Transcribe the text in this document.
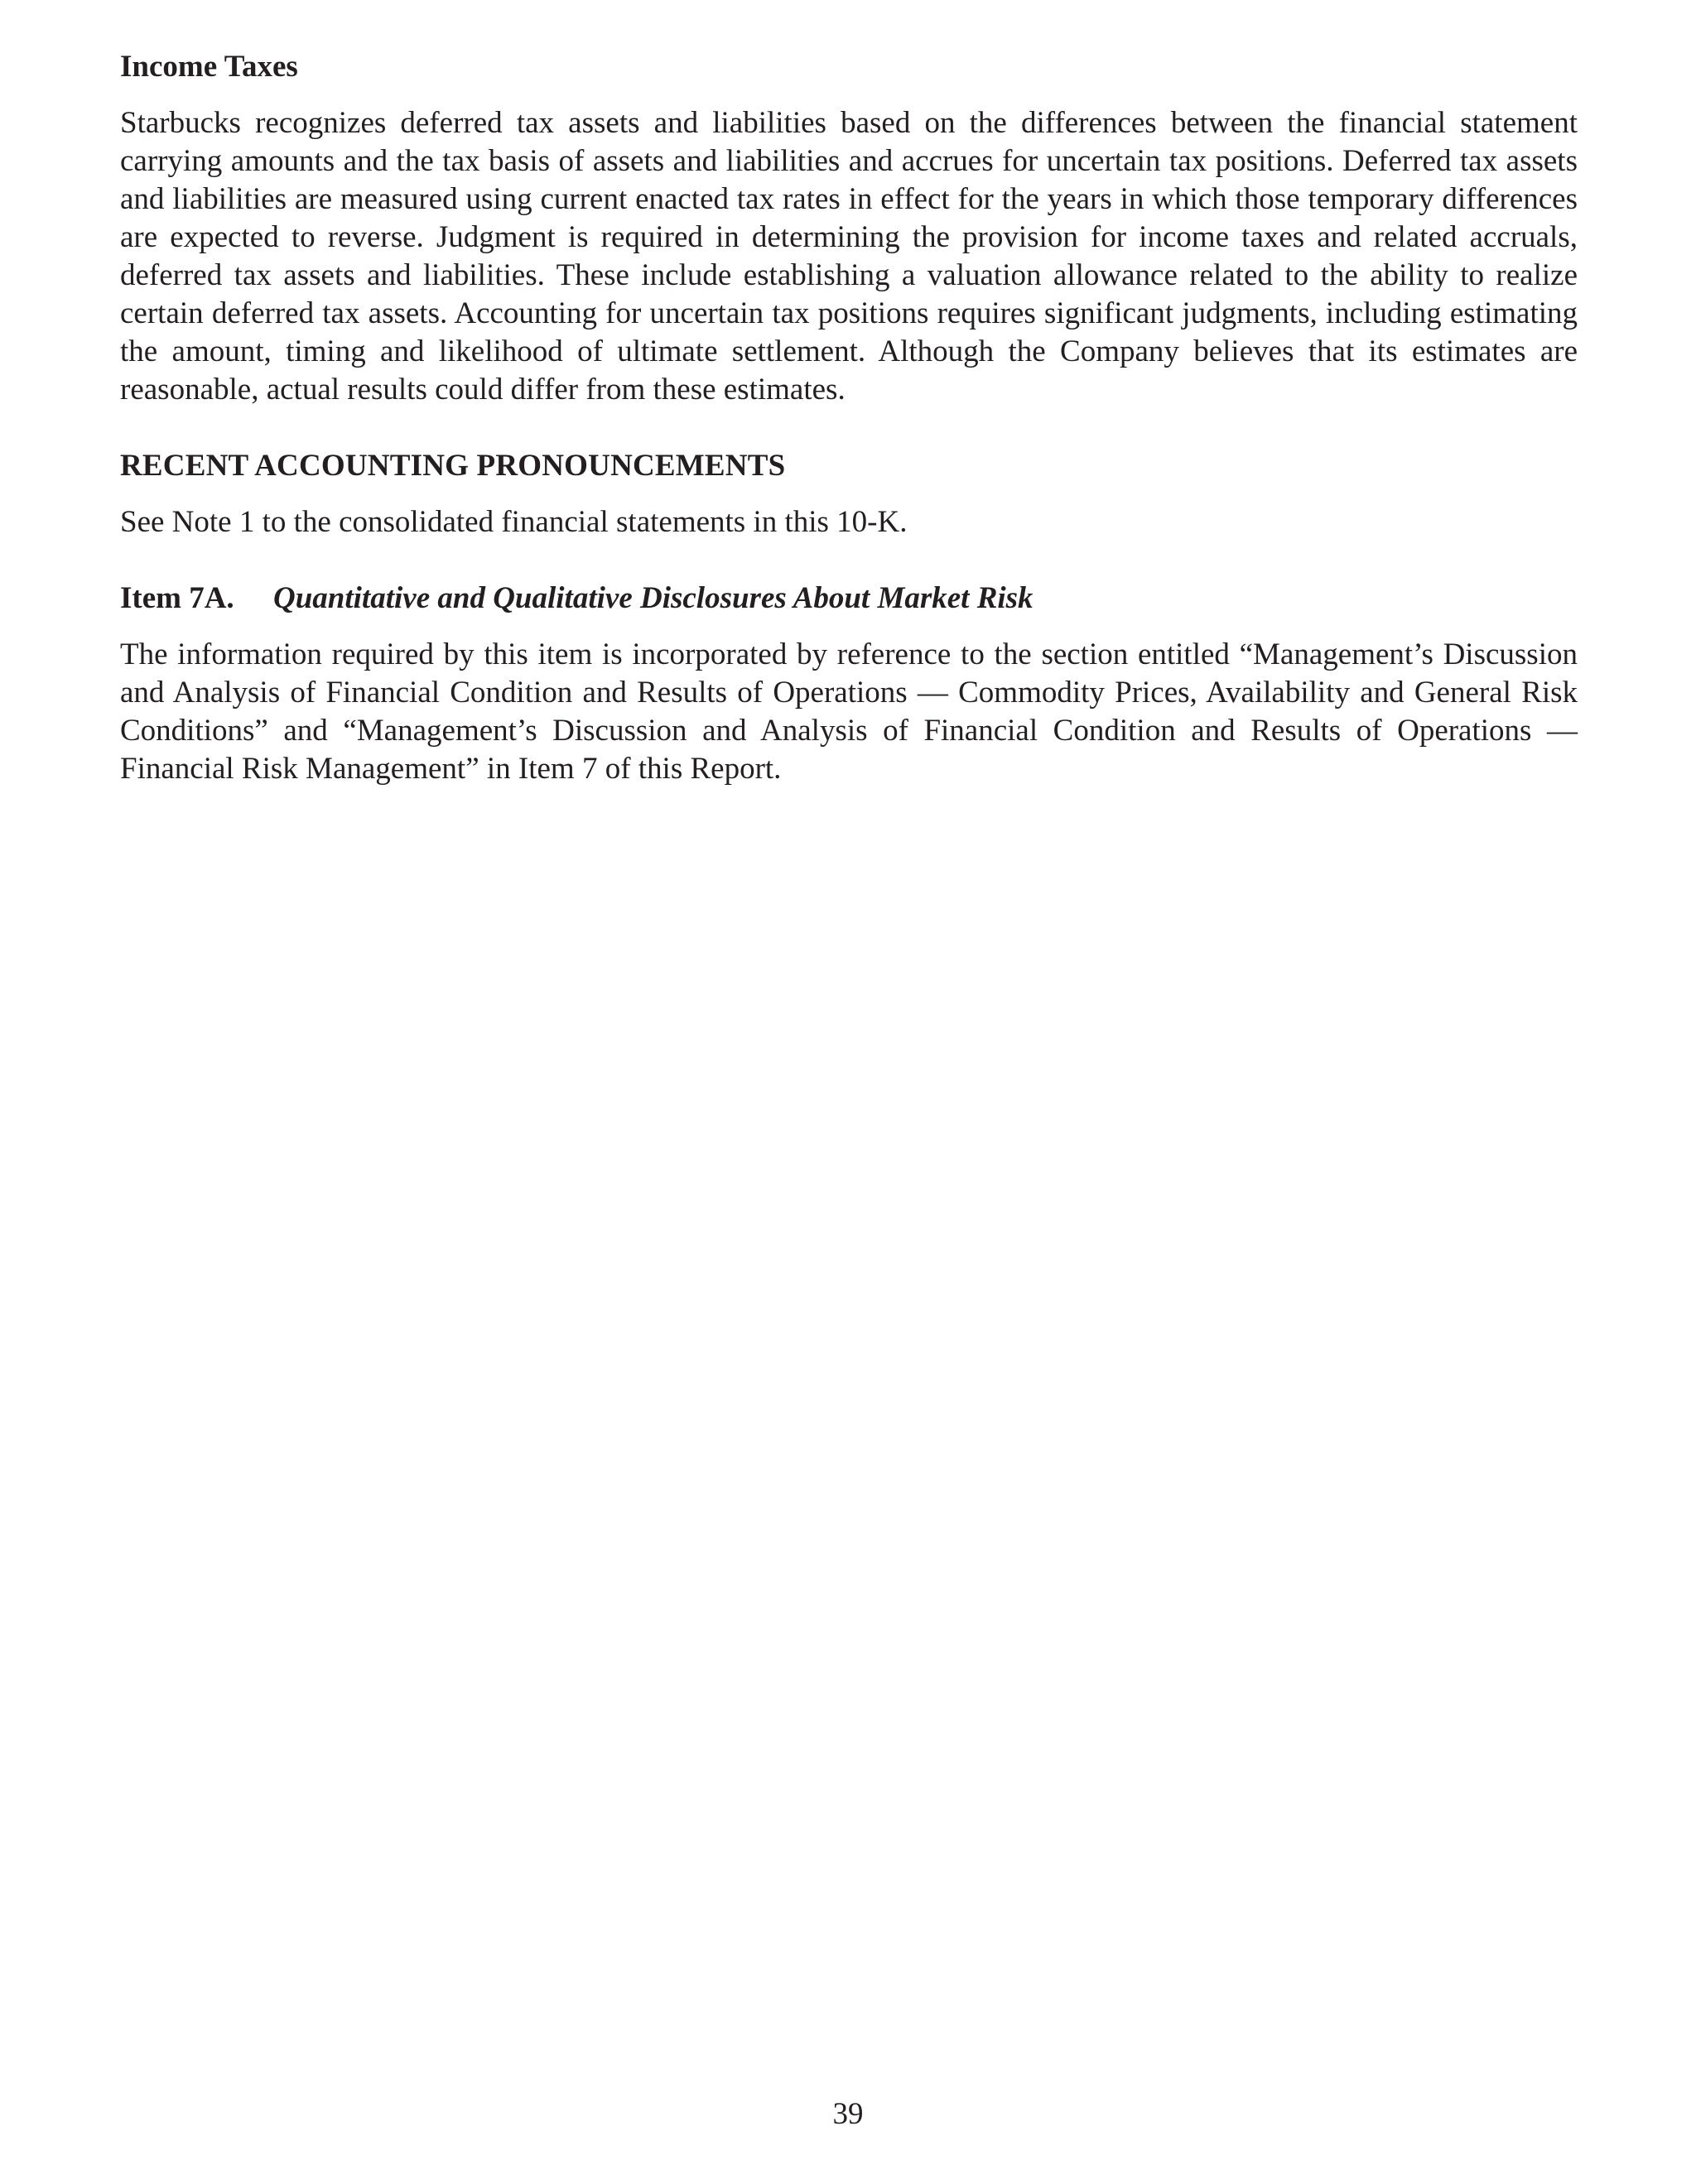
Income Taxes

Starbucks recognizes deferred tax assets and liabilities based on the differences between the financial statement carrying amounts and the tax basis of assets and liabilities and accrues for uncertain tax positions. Deferred tax assets and liabilities are measured using current enacted tax rates in effect for the years in which those temporary differences are expected to reverse. Judgment is required in determining the provision for income taxes and related accruals, deferred tax assets and liabilities. These include establishing a valuation allowance related to the ability to realize certain deferred tax assets. Accounting for uncertain tax positions requires significant judgments, including estimating the amount, timing and likelihood of ultimate settlement. Although the Company believes that its estimates are reasonable, actual results could differ from these estimates.

RECENT ACCOUNTING PRONOUNCEMENTS

See Note 1 to the consolidated financial statements in this 10-K.

Item 7A. Quantitative and Qualitative Disclosures About Market Risk

The information required by this item is incorporated by reference to the section entitled “Management’s Discussion and Analysis of Financial Condition and Results of Operations — Commodity Prices, Availability and General Risk Conditions” and “Management’s Discussion and Analysis of Financial Condition and Results of Operations — Financial Risk Management” in Item 7 of this Report.

39
